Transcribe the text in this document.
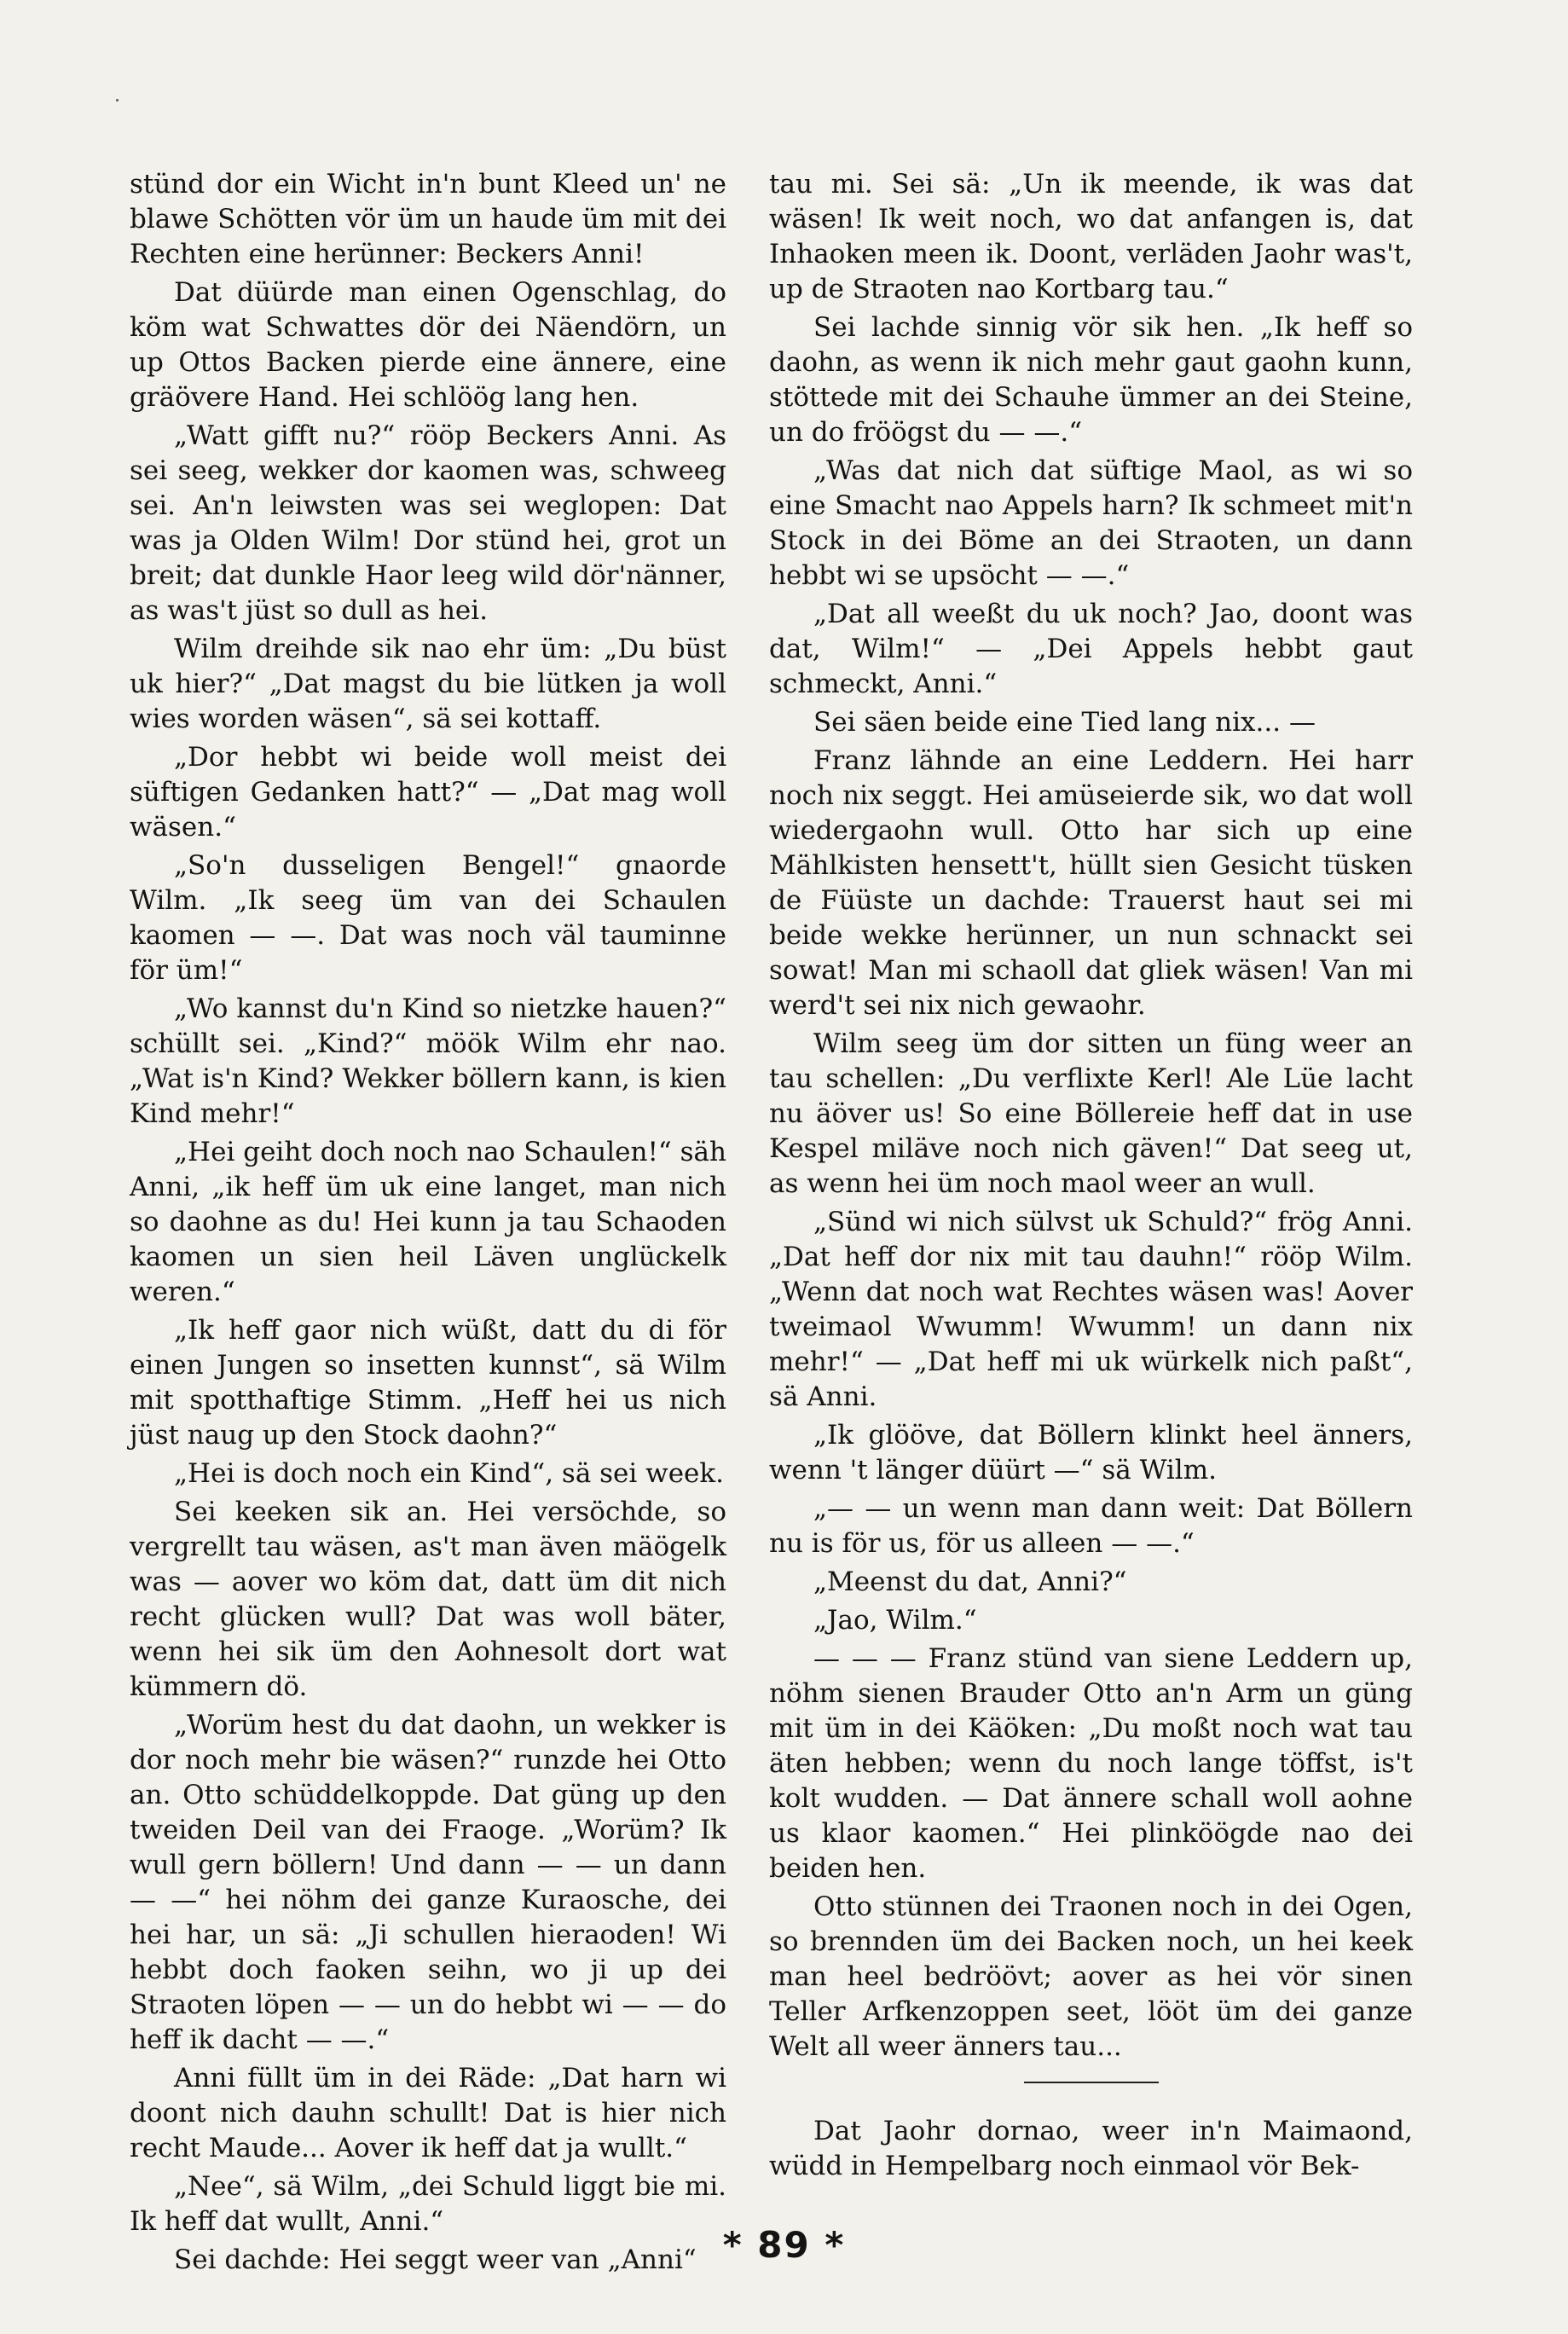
stünd dor ein Wicht in'n bunt Kleed un' ne blawe Schötten vör üm un haude üm mit dei Rechten eine herünner: Beckers Anni!

Dat düürde man einen Ogenschlag, do köm wat Schwattes dör dei Näendörn, un up Ottos Backen pierde eine ännere, eine gräövere Hand. Hei schlöög lang hen.

„Watt gifft nu?“ rööp Beckers Anni. As sei seeg, wekker dor kaomen was, schweeg sei. An'n leiwsten was sei weglopen: Dat was ja Olden Wilm! Dor stünd hei, grot un breit; dat dunkle Haor leeg wild dör'nänner, as was't jüst so dull as hei.

Wilm dreihde sik nao ehr üm: „Du büst uk hier?“ „Dat magst du bie lütken ja woll wies worden wäsen“, sä sei kottaff.

„Dor hebbt wi beide woll meist dei süftigen Gedanken hatt?“ — „Dat mag woll wäsen.“

„So'n dusseligen Bengel!“ gnaorde Wilm. „Ik seeg üm van dei Schaulen kaomen — —. Dat was noch väl tauminne för üm!“

„Wo kannst du'n Kind so nietzke hauen?“ schüllt sei. „Kind?“ möök Wilm ehr nao. „Wat is'n Kind? Wekker böllern kann, is kien Kind mehr!“

„Hei geiht doch noch nao Schaulen!“ säh Anni, „ik heff üm uk eine langet, man nich so daohne as du! Hei kunn ja tau Schaoden kaomen un sien heil Läven unglückelk weren.“

„Ik heff gaor nich wüßt, datt du di för einen Jungen so insetten kunnst“, sä Wilm mit spotthaftige Stimm. „Heff hei us nich jüst naug up den Stock daohn?“

„Hei is doch noch ein Kind“, sä sei week.

Sei keeken sik an. Hei versöchde, so vergrellt tau wäsen, as't man även mäögelk was — aover wo köm dat, datt üm dit nich recht glücken wull? Dat was woll bäter, wenn hei sik üm den Aohnesolt dort wat kümmern dö.

„Worüm hest du dat daohn, un wekker is dor noch mehr bie wäsen?“ runzde hei Otto an. Otto schüddelkoppde. Dat güng up den tweiden Deil van dei Fraoge. „Worüm? Ik wull gern böllern! Und dann — — un dann — —“ hei nöhm dei ganze Kuraosche, dei hei har, un sä: „Ji schullen hieraoden! Wi hebbt doch faoken seihn, wo ji up dei Straoten löpen — — un do hebbt wi — — do heff ik dacht — —.“

Anni füllt üm in dei Räde: „Dat harn wi doont nich dauhn schullt! Dat is hier nich recht Maude... Aover ik heff dat ja wullt.“

„Nee“, sä Wilm, „dei Schuld liggt bie mi. Ik heff dat wullt, Anni.“

Sei dachde: Hei seggt weer van „Anni“

tau mi. Sei sä: „Un ik meende, ik was dat wäsen! Ik weit noch, wo dat anfangen is, dat Inhaoken meen ik. Doont, verläden Jaohr was't, up de Straoten nao Kortbarg tau.“

Sei lachde sinnig vör sik hen. „Ik heff so daohn, as wenn ik nich mehr gaut gaohn kunn, stöttede mit dei Schauhe ümmer an dei Steine, un do fröögst du — —.“

„Was dat nich dat süftige Maol, as wi so eine Smacht nao Appels harn? Ik schmeet mit'n Stock in dei Böme an dei Straoten, un dann hebbt wi se upsöcht — —.“

„Dat all weeßt du uk noch? Jao, doont was dat, Wilm!“ — „Dei Appels hebbt gaut schmeckt, Anni.“

Sei säen beide eine Tied lang nix... —

Franz lähnde an eine Leddern. Hei harr noch nix seggt. Hei amüseierde sik, wo dat woll wiedergaohn wull. Otto har sich up eine Mählkisten hensett't, hüllt sien Gesicht tüsken de Füüste un dachde: Trauerst haut sei mi beide wekke herünner, un nun schnackt sei sowat! Man mi schaoll dat gliek wäsen! Van mi werd't sei nix nich gewaohr.

Wilm seeg üm dor sitten un füng weer an tau schellen: „Du verflixte Kerl! Ale Lüe lacht nu äöver us! So eine Böllereie heff dat in use Kespel miläve noch nich gäven!“ Dat seeg ut, as wenn hei üm noch maol weer an wull.

„Sünd wi nich sülvst uk Schuld?“ frög Anni. „Dat heff dor nix mit tau dauhn!“ rööp Wilm. „Wenn dat noch wat Rechtes wäsen was! Aover tweimaol Wwumm! Wwumm! un dann nix mehr!“ — „Dat heff mi uk würkelk nich paßt“, sä Anni.

„Ik glööve, dat Böllern klinkt heel änners, wenn 't länger düürt —“ sä Wilm.

„— — un wenn man dann weit: Dat Böllern nu is för us, för us alleen — —.“

„Meenst du dat, Anni?“

„Jao, Wilm.“

— — — Franz stünd van siene Leddern up, nöhm sienen Brauder Otto an'n Arm un güng mit üm in dei Käöken: „Du moßt noch wat tau äten hebben; wenn du noch lange töffst, is't kolt wudden. — Dat ännere schall woll aohne us klaor kaomen.“ Hei plinköögde nao dei beiden hen.

Otto stünnen dei Traonen noch in dei Ogen, so brennden üm dei Backen noch, un hei keek man heel bedröövt; aover as hei vör sinen Teller Arfkenzoppen seet, lööt üm dei ganze Welt all weer änners tau...

Dat Jaohr dornao, weer in'n Maimaond, wüdd in Hempelbarg noch einmaol vör Bek-

* 89 *
